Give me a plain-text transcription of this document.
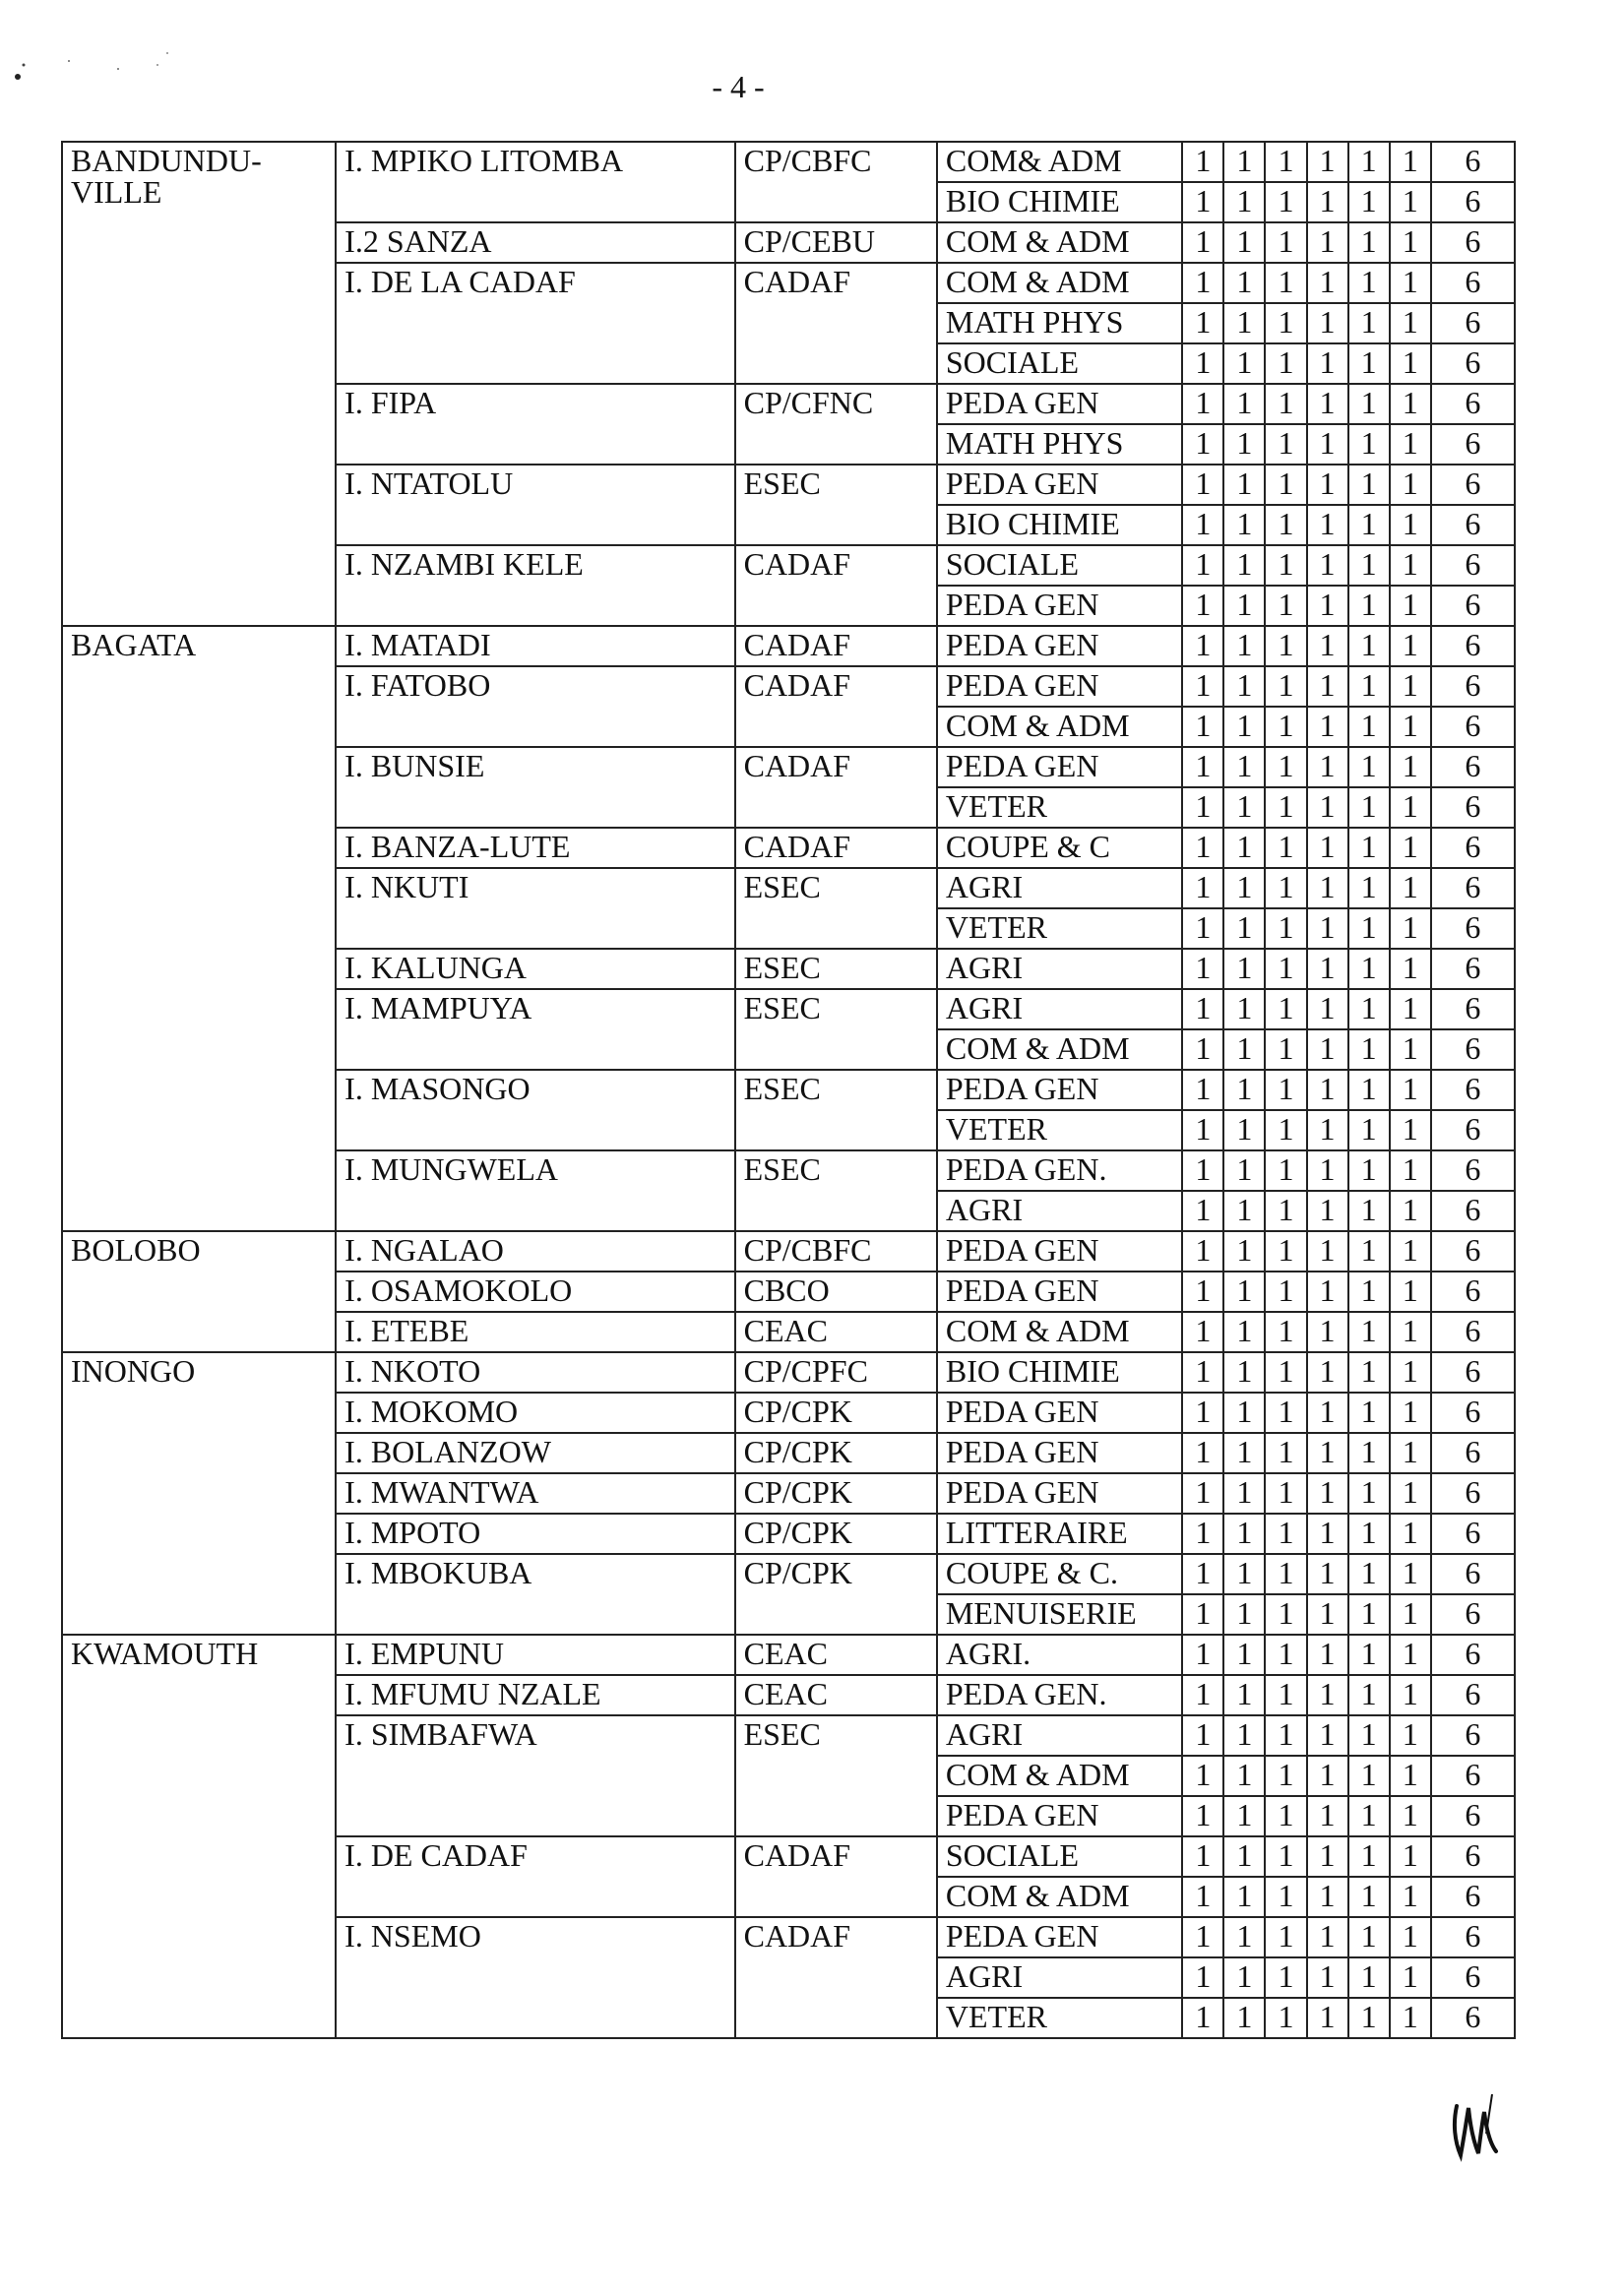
- 4 -
BANDUNDU-VILLE	I. MPIKO LITOMBA	CP/CBFC	COM& ADM	1	1	1	1	1	1	6
			BIO CHIMIE	1	1	1	1	1	1	6
	I.2 SANZA	CP/CEBU	COM & ADM	1	1	1	1	1	1	6
	I. DE LA CADAF	CADAF	COM & ADM	1	1	1	1	1	1	6
			MATH PHYS	1	1	1	1	1	1	6
			SOCIALE	1	1	1	1	1	1	6
	I. FIPA	CP/CFNC	PEDA GEN	1	1	1	1	1	1	6
			MATH PHYS	1	1	1	1	1	1	6
	I. NTATOLU	ESEC	PEDA GEN	1	1	1	1	1	1	6
			BIO CHIMIE	1	1	1	1	1	1	6
	I. NZAMBI KELE	CADAF	SOCIALE	1	1	1	1	1	1	6
			PEDA GEN	1	1	1	1	1	1	6
BAGATA	I. MATADI	CADAF	PEDA GEN	1	1	1	1	1	1	6
	I. FATOBO	CADAF	PEDA GEN	1	1	1	1	1	1	6
			COM & ADM	1	1	1	1	1	1	6
	I. BUNSIE	CADAF	PEDA GEN	1	1	1	1	1	1	6
			VETER	1	1	1	1	1	1	6
	I. BANZA-LUTE	CADAF	COUPE & C	1	1	1	1	1	1	6
	I. NKUTI	ESEC	AGRI	1	1	1	1	1	1	6
			VETER	1	1	1	1	1	1	6
	I. KALUNGA	ESEC	AGRI	1	1	1	1	1	1	6
	I. MAMPUYA	ESEC	AGRI	1	1	1	1	1	1	6
			COM & ADM	1	1	1	1	1	1	6
	I. MASONGO	ESEC	PEDA GEN	1	1	1	1	1	1	6
			VETER	1	1	1	1	1	1	6
	I. MUNGWELA	ESEC	PEDA GEN.	1	1	1	1	1	1	6
			AGRI	1	1	1	1	1	1	6
BOLOBO	I. NGALAO	CP/CBFC	PEDA GEN	1	1	1	1	1	1	6
	I. OSAMOKOLO	CBCO	PEDA GEN	1	1	1	1	1	1	6
	I. ETEBE	CEAC	COM & ADM	1	1	1	1	1	1	6
INONGO	I. NKOTO	CP/CPFC	BIO CHIMIE	1	1	1	1	1	1	6
	I. MOKOMO	CP/CPK	PEDA GEN	1	1	1	1	1	1	6
	I. BOLANZOW	CP/CPK	PEDA GEN	1	1	1	1	1	1	6
	I. MWANTWA	CP/CPK	PEDA GEN	1	1	1	1	1	1	6
	I. MPOTO	CP/CPK	LITTERAIRE	1	1	1	1	1	1	6
	I. MBOKUBA	CP/CPK	COUPE & C.	1	1	1	1	1	1	6
			MENUISERIE	1	1	1	1	1	1	6
KWAMOUTH	I. EMPUNU	CEAC	AGRI.	1	1	1	1	1	1	6
	I. MFUMU NZALE	CEAC	PEDA GEN.	1	1	1	1	1	1	6
	I. SIMBAFWA	ESEC	AGRI	1	1	1	1	1	1	6
			COM & ADM	1	1	1	1	1	1	6
			PEDA GEN	1	1	1	1	1	1	6
	I. DE CADAF	CADAF	SOCIALE	1	1	1	1	1	1	6
			COM & ADM	1	1	1	1	1	1	6
	I. NSEMO	CADAF	PEDA GEN	1	1	1	1	1	1	6
			AGRI	1	1	1	1	1	1	6
			VETER	1	1	1	1	1	1	6
